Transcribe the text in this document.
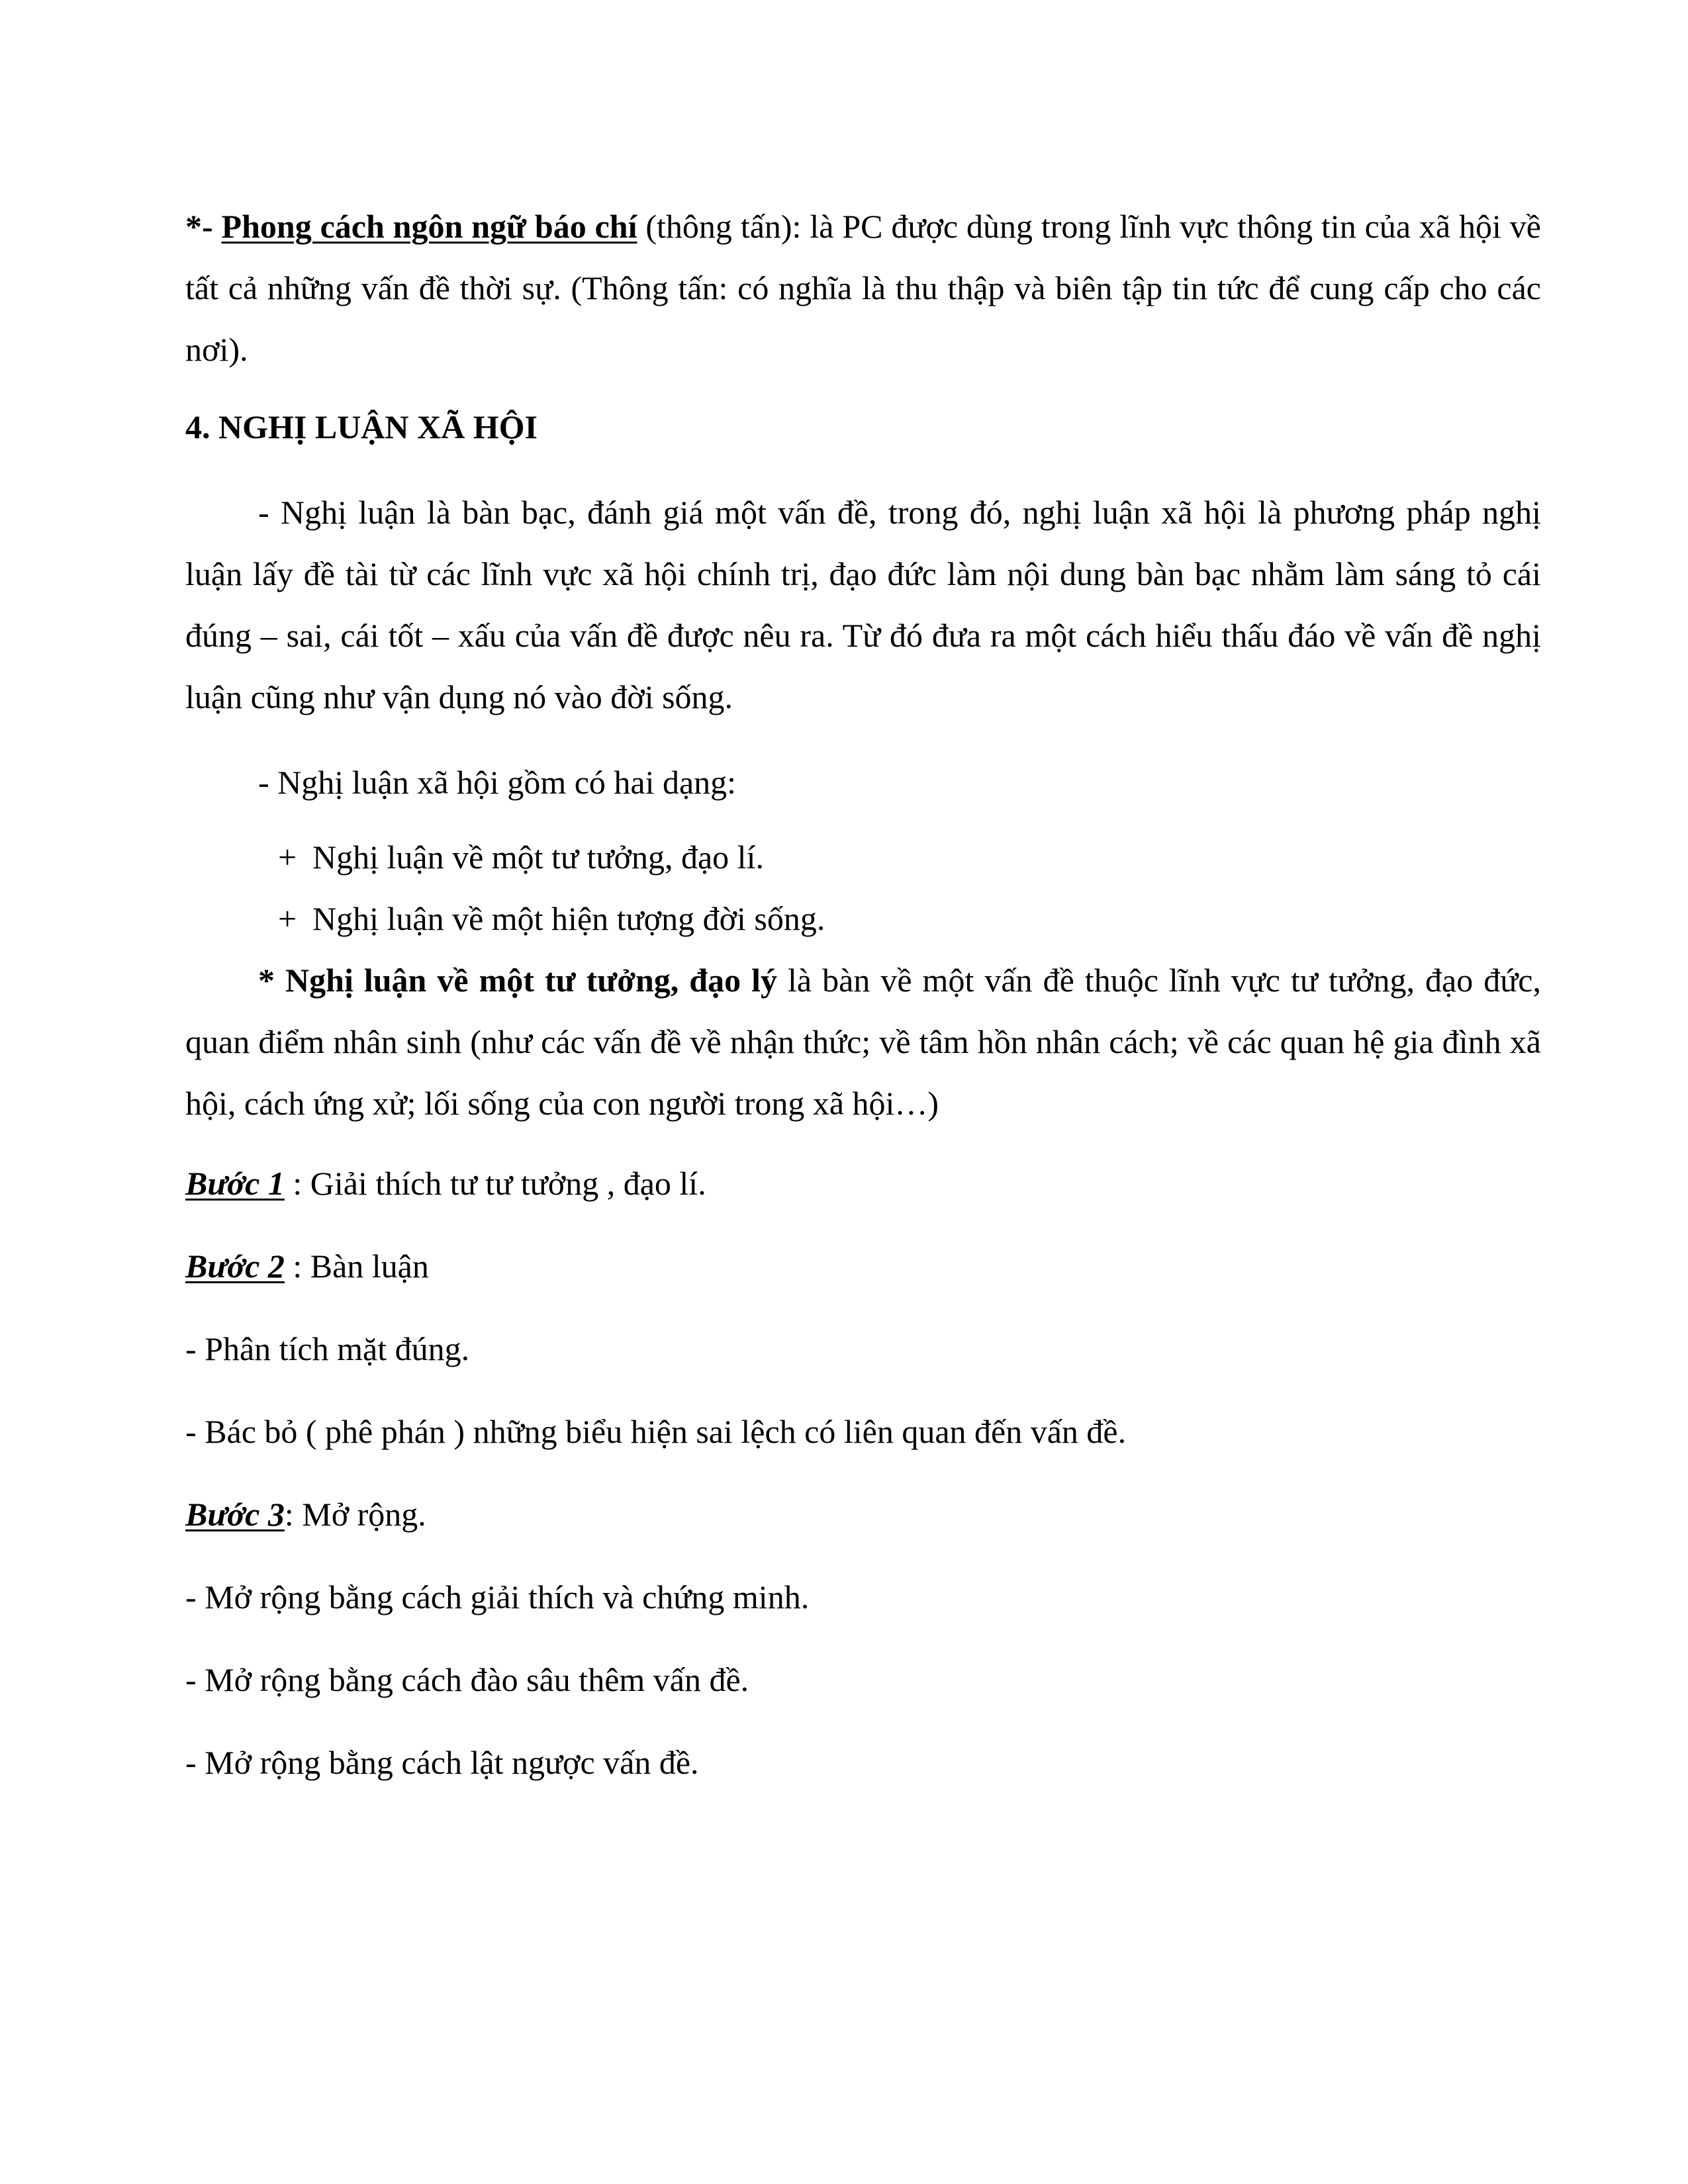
*- Phong cách ngôn ngữ báo chí (thông tấn): là PC được dùng trong lĩnh vực thông tin của xã hội về tất cả những vấn đề thời sự. (Thông tấn: có nghĩa là thu thập và biên tập tin tức để cung cấp cho các nơi).

4. NGHỊ LUẬN XÃ HỘI

- Nghị luận là bàn bạc, đánh giá một vấn đề, trong đó, nghị luận xã hội là phương pháp nghị luận lấy đề tài từ các lĩnh vực xã hội chính trị, đạo đức làm nội dung bàn bạc nhằm làm sáng tỏ cái đúng – sai, cái tốt – xấu của vấn đề được nêu ra. Từ đó đưa ra một cách hiểu thấu đáo về vấn đề nghị luận cũng như vận dụng nó vào đời sống.

- Nghị luận xã hội gồm có hai dạng:

+ Nghị luận về một tư tưởng, đạo lí.

+ Nghị luận về một hiện tượng đời sống.

* Nghị luận về một tư tưởng, đạo lý là bàn về một vấn đề thuộc lĩnh vực tư tưởng, đạo đức, quan điểm nhân sinh (như các vấn đề về nhận thức; về tâm hồn nhân cách; về các quan hệ gia đình xã hội, cách ứng xử; lối sống của con người trong xã hội…)

Bước 1 : Giải thích tư tư tưởng , đạo lí.

Bước 2 : Bàn luận

- Phân tích mặt đúng.

- Bác bỏ ( phê phán ) những biểu hiện sai lệch có liên quan đến vấn đề.

Bước 3: Mở rộng.

- Mở rộng bằng cách giải thích và chứng minh.

- Mở rộng bằng cách đào sâu thêm vấn đề.

- Mở rộng bằng cách lật ngược vấn đề.
